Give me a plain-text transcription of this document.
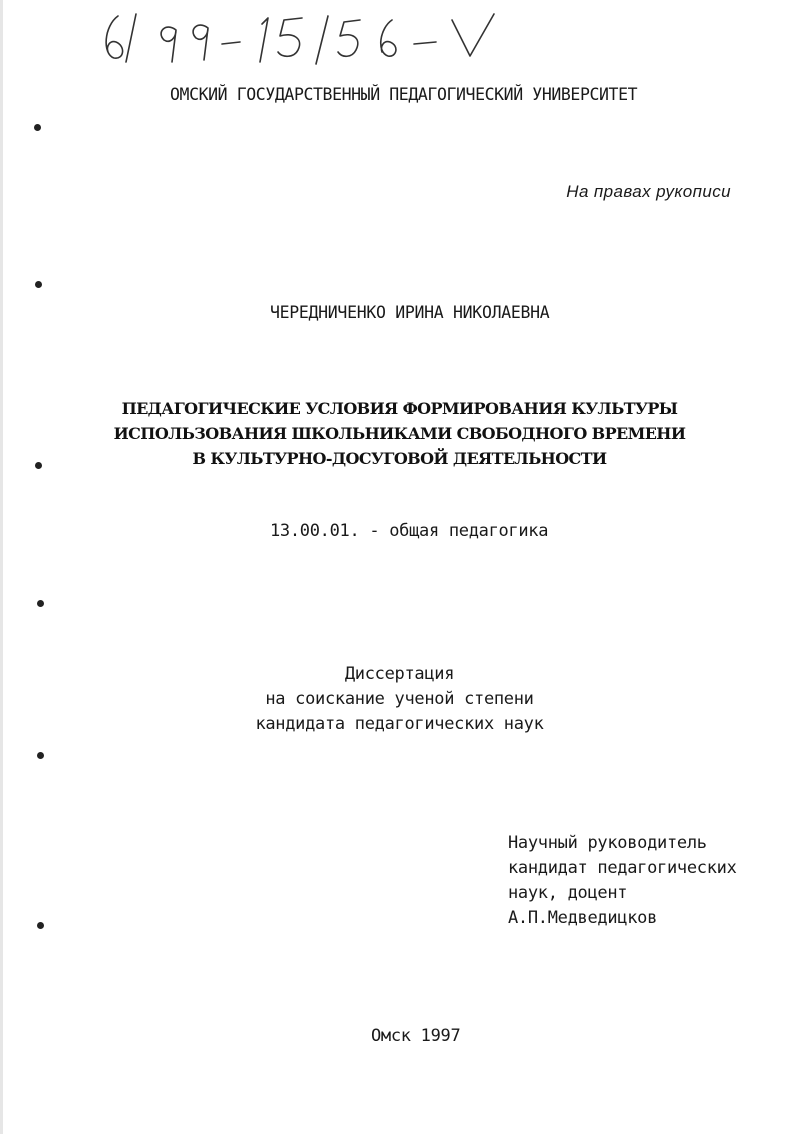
ОМСКИЙ ГОСУДАРСТВЕННЫЙ ПЕДАГОГИЧЕСКИЙ УНИВЕРСИТЕТ
На правах рукописи
ЧЕРЕДНИЧЕНКО ИРИНА НИКОЛАЕВНА
ПЕДАГОГИЧЕСКИЕ УСЛОВИЯ ФОРМИРОВАНИЯ КУЛЬТУРЫ
ИСПОЛЬЗОВАНИЯ ШКОЛЬНИКАМИ СВОБОДНОГО ВРЕМЕНИ
В КУЛЬТУРНО-ДОСУГОВОЙ ДЕЯТЕЛЬНОСТИ
13.00.01. - общая педагогика
Диссертация
на соискание ученой степени
кандидата педагогических наук
Научный руководитель
кандидат педагогических
наук, доцент
А.П.Медведицков
Омск 1997
